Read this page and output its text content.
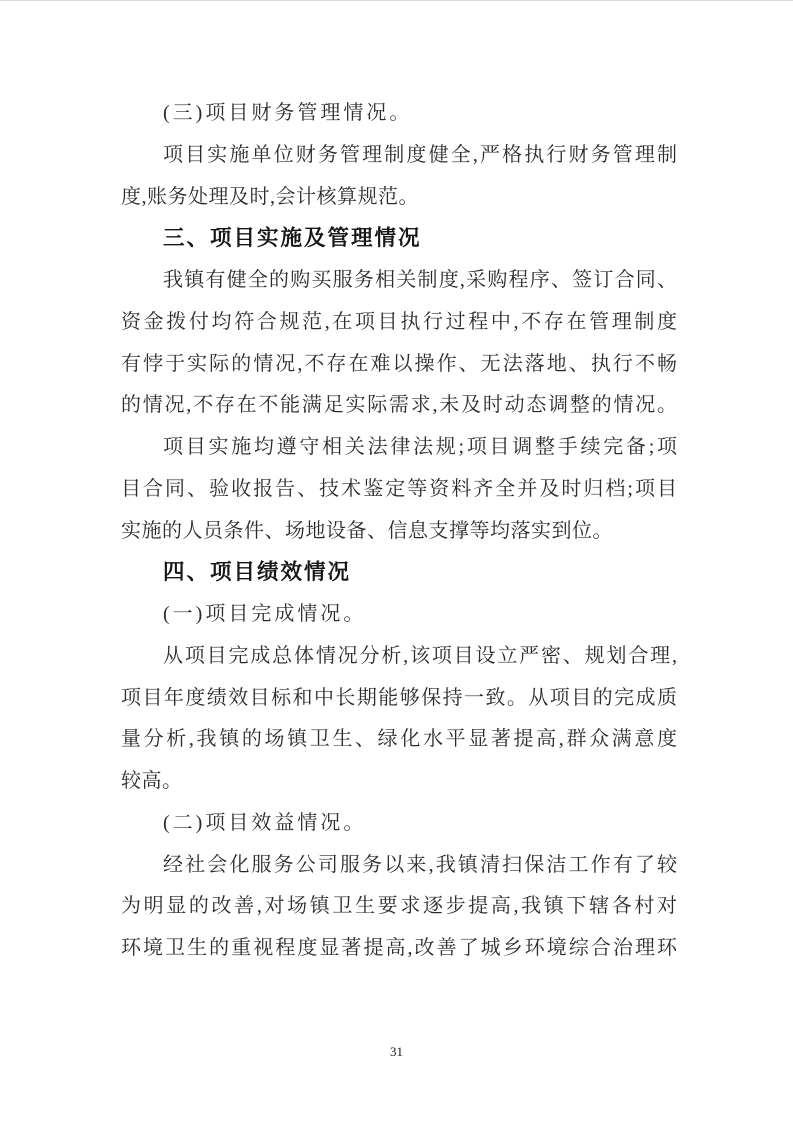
(三)项目财务管理情况。
项目实施单位财务管理制度健全,严格执行财务管理制
度,账务处理及时,会计核算规范。
三、项目实施及管理情况
我镇有健全的购买服务相关制度,采购程序、签订合同、
资金拨付均符合规范,在项目执行过程中,不存在管理制度
有悖于实际的情况,不存在难以操作、无法落地、执行不畅
的情况,不存在不能满足实际需求,未及时动态调整的情况。
项目实施均遵守相关法律法规;项目调整手续完备;项
目合同、验收报告、技术鉴定等资料齐全并及时归档;项目
实施的人员条件、场地设备、信息支撑等均落实到位。
四、项目绩效情况
(一)项目完成情况。
从项目完成总体情况分析,该项目设立严密、规划合理,
项目年度绩效目标和中长期能够保持一致。从项目的完成质
量分析,我镇的场镇卫生、绿化水平显著提高,群众满意度
较高。
(二)项目效益情况。
经社会化服务公司服务以来,我镇清扫保洁工作有了较
为明显的改善,对场镇卫生要求逐步提高,我镇下辖各村对
环境卫生的重视程度显著提高,改善了城乡环境综合治理环
31
